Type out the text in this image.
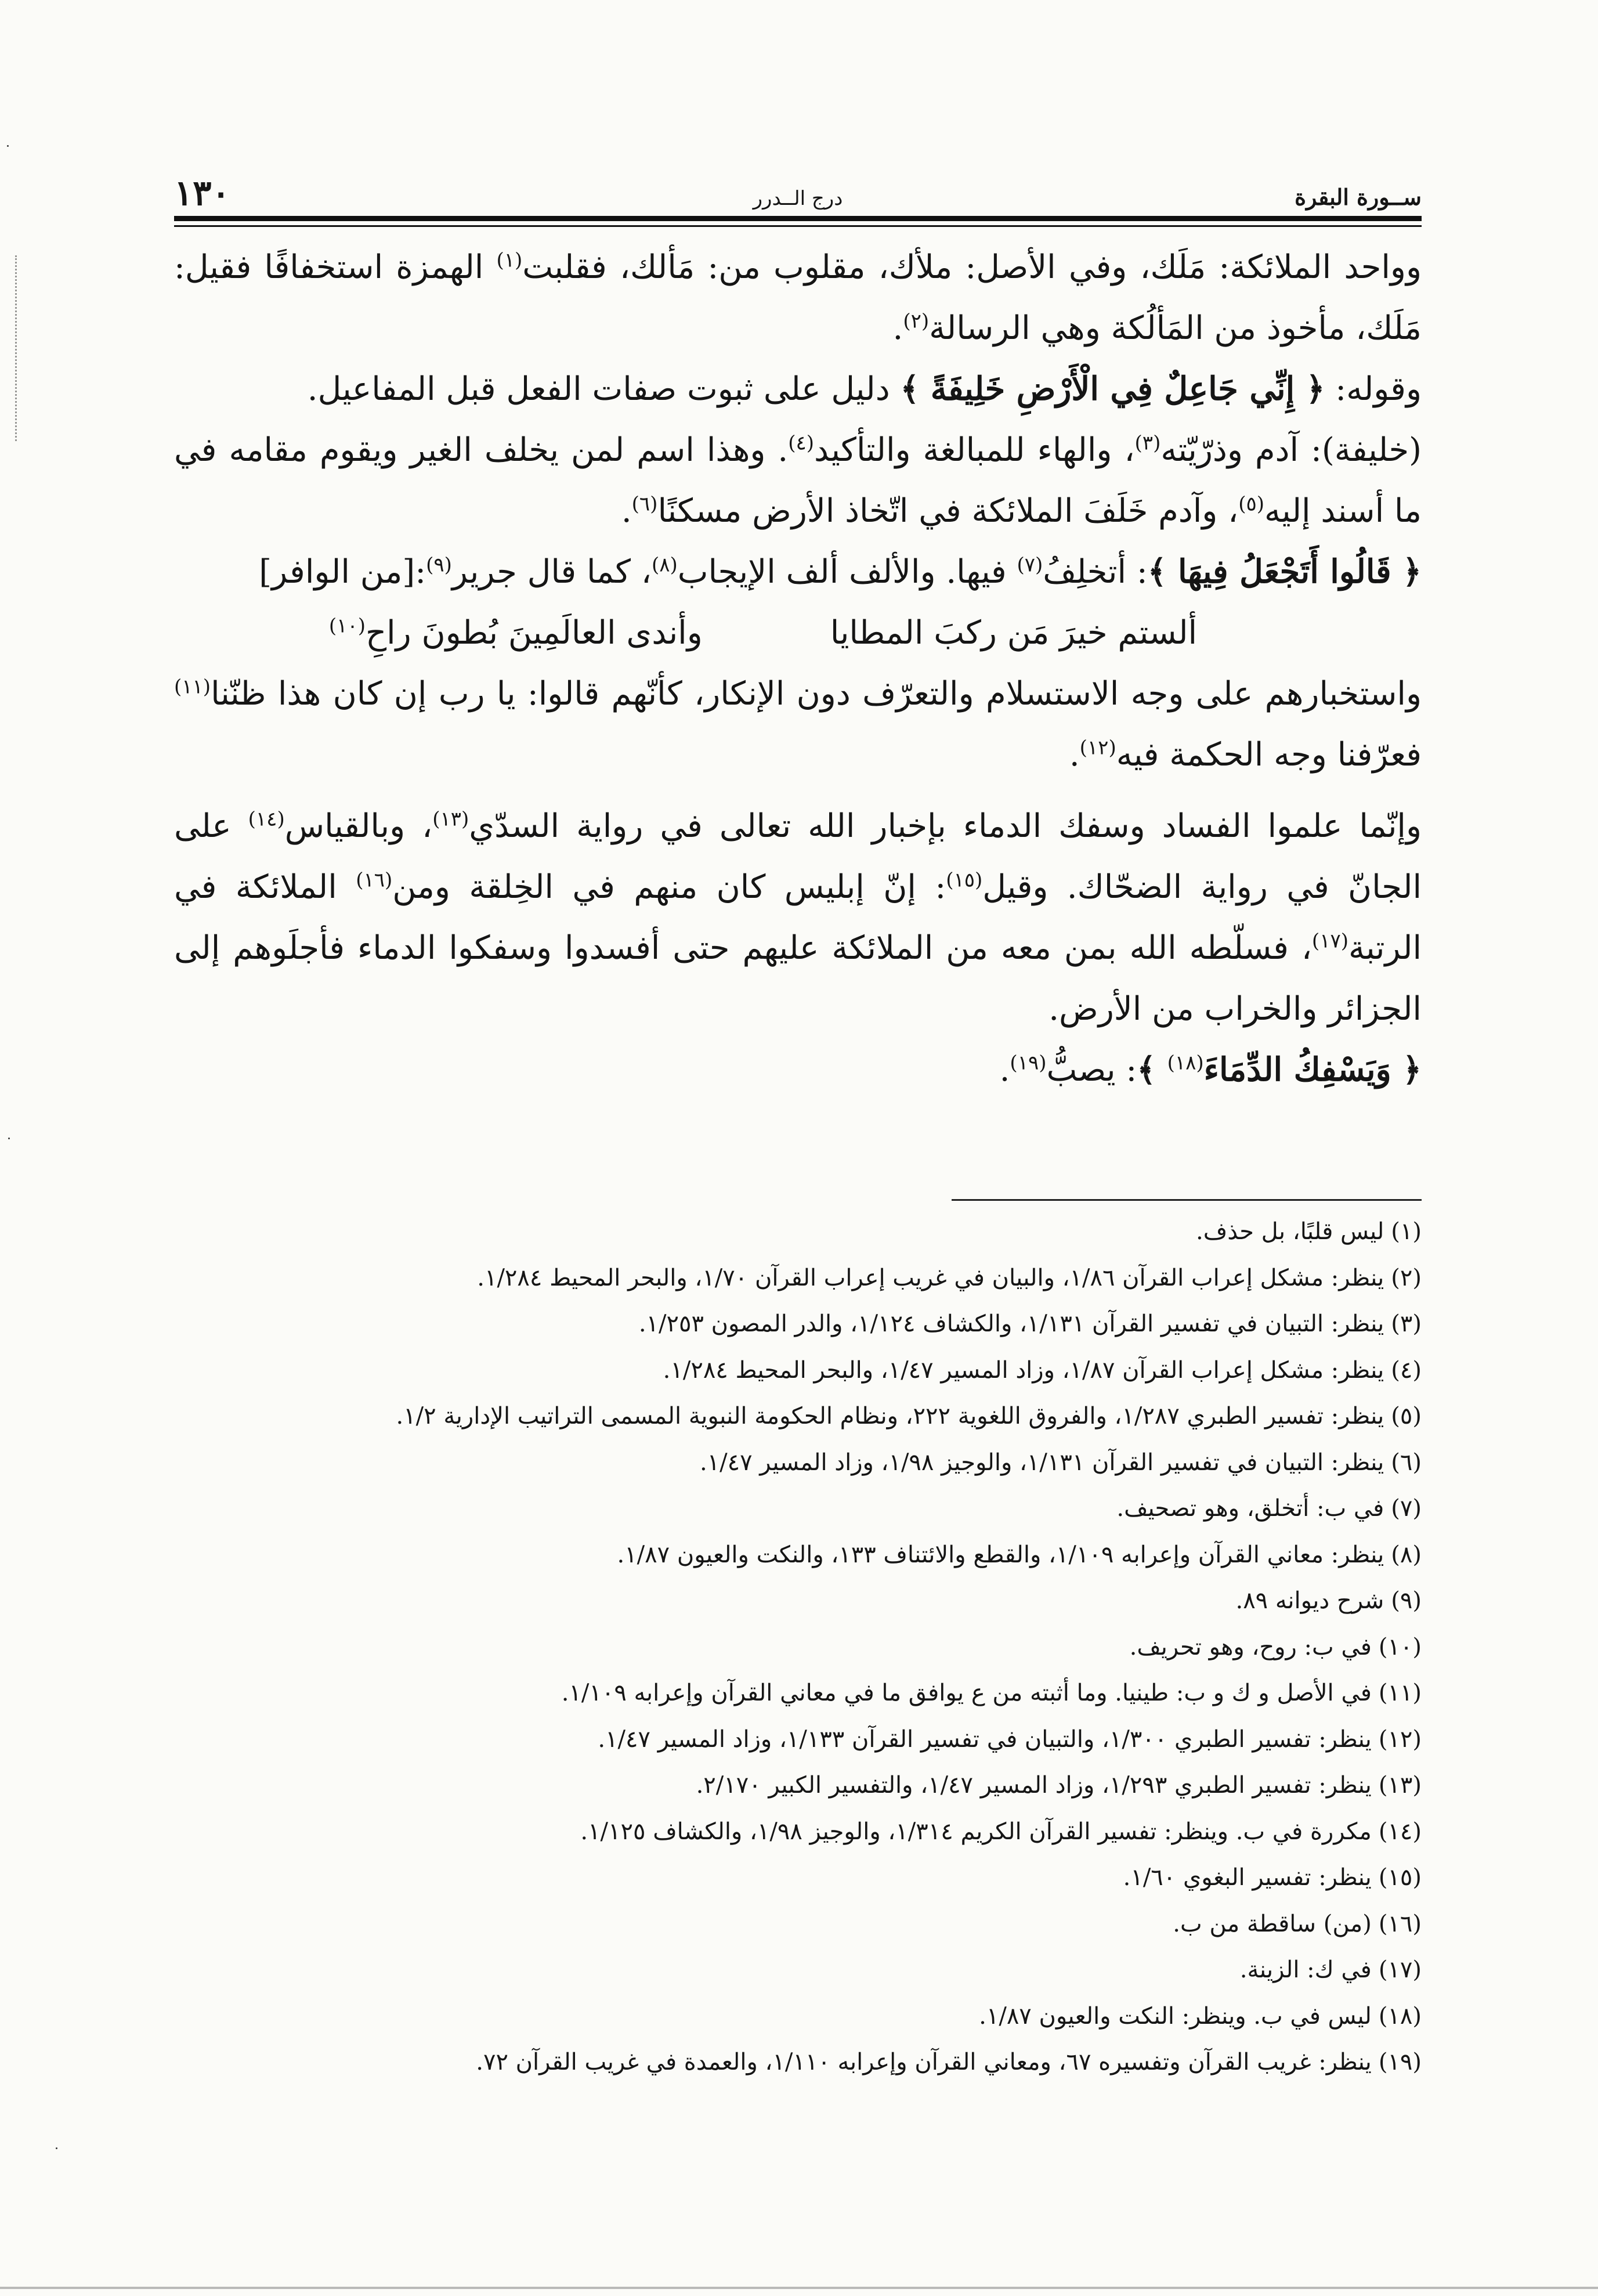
١٣٠	درج الــدرر	ســورة البقرة

وواحد الملائكة: مَلَك، وفي الأصل: ملأك، مقلوب من: مَألك، فقلبت$^{(١)}$ الهمزة استخفافًا فقيل: مَلَك، مأخوذ من المَألُكة وهي الرسالة$^{(٢)}$.

وقوله: ﴿ إِنِّي جَاعِلٌ فِي الْأَرْضِ خَلِيفَةً ﴾ دليل على ثبوت صفات الفعل قبل المفاعيل.

(خليفة): آدم وذرّيّته$^{(٣)}$، والهاء للمبالغة والتأكيد$^{(٤)}$. وهذا اسم لمن يخلف الغير ويقوم مقامه في ما أسند إليه$^{(٥)}$، وآدم خَلَفَ الملائكة في اتّخاذ الأرض مسكنًا$^{(٦)}$.

﴿ قَالُوا أَتَجْعَلُ فِيهَا ﴾: أتخلِفُ$^{(٧)}$ فيها. والألف ألف الإيجاب$^{(٨)}$، كما قال جرير$^{(٩)}$:[من الوافر]

ألستم خيرَ مَن ركبَ المطايا
وأندى العالَمِينَ بُطونَ راحِ$^{(١٠)}$

واستخبارهم على وجه الاستسلام والتعرّف دون الإنكار، كأنّهم قالوا: يا رب إن كان هذا ظنّنا$^{(١١)}$ فعرّفنا وجه الحكمة فيه$^{(١٢)}$.

وإنّما علموا الفساد وسفك الدماء بإخبار الله تعالى في رواية السدّي$^{(١٣)}$، وبالقياس$^{(١٤)}$ على الجانّ في رواية الضحّاك. وقيل$^{(١٥)}$: إنّ إبليس كان منهم في الخِلقة ومن$^{(١٦)}$ الملائكة في الرتبة$^{(١٧)}$، فسلّطه الله بمن معه من الملائكة عليهم حتى أفسدوا وسفكوا الدماء فأجلَوهم إلى الجزائر والخراب من الأرض.

﴿ وَيَسْفِكُ الدِّمَاءَ$^{(١٨)}$ ﴾: يصبُّ$^{(١٩)}$.

(١)ليس قلبًا، بل حذف.
(٢)ينظر: مشكل إعراب القرآن ١/٨٦، والبيان في غريب إعراب القرآن ١/٧٠، والبحر المحيط ١/٢٨٤.
(٣)ينظر: التبيان في تفسير القرآن ١/١٣١، والكشاف ١/١٢٤، والدر المصون ١/٢٥٣.
(٤)ينظر: مشكل إعراب القرآن ١/٨٧، وزاد المسير ١/٤٧، والبحر المحيط ١/٢٨٤.
(٥)ينظر: تفسير الطبري ١/٢٨٧، والفروق اللغوية ٢٢٢، ونظام الحكومة النبوية المسمى التراتيب الإدارية ١/٢.
(٦)ينظر: التبيان في تفسير القرآن ١/١٣١، والوجيز ١/٩٨، وزاد المسير ١/٤٧.
(٧)في ب: أتخلق، وهو تصحيف.
(٨)ينظر: معاني القرآن وإعرابه ١/١٠٩، والقطع والائتناف ١٣٣، والنكت والعيون ١/٨٧.
(٩)شرح ديوانه ٨٩.
(١٠)في ب: روح، وهو تحريف.
(١١)في الأصل و ك و ب: طينيا. وما أثبته من ع يوافق ما في معاني القرآن وإعرابه ١/١٠٩.
(١٢)ينظر: تفسير الطبري ١/٣٠٠، والتبيان في تفسير القرآن ١/١٣٣، وزاد المسير ١/٤٧.
(١٣)ينظر: تفسير الطبري ١/٢٩٣، وزاد المسير ١/٤٧، والتفسير الكبير ٢/١٧٠.
(١٤)مكررة في ب. وينظر: تفسير القرآن الكريم ١/٣١٤، والوجيز ١/٩٨، والكشاف ١/١٢٥.
(١٥)ينظر: تفسير البغوي ١/٦٠.
(١٦)(من) ساقطة من ب.
(١٧)في ك: الزينة.
(١٨)ليس في ب. وينظر: النكت والعيون ١/٨٧.
(١٩)ينظر: غريب القرآن وتفسيره ٦٧، ومعاني القرآن وإعرابه ١/١١٠، والعمدة في غريب القرآن ٧٢.
